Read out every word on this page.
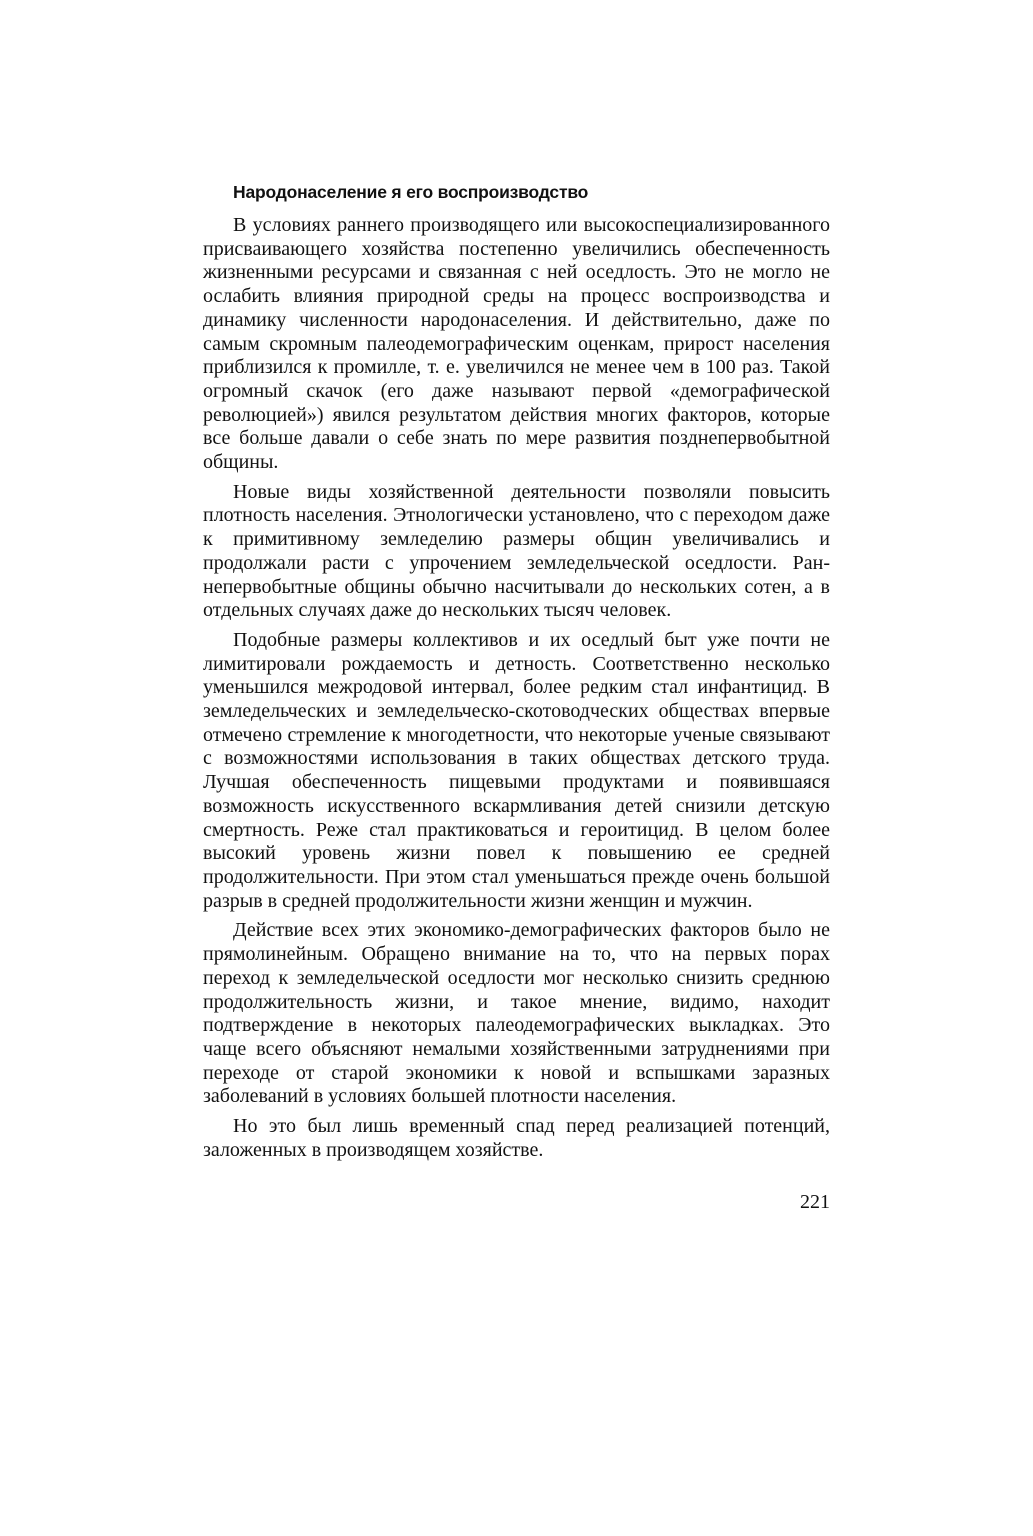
Народонаселение я его воспроизводство

В условиях раннего производящего или высокоспециализированного присваивающего хозяйства постепенно увеличились обеспеченность жизненными ресурсами и связанная с ней оседлость. Это не могло не ослабить влияния природной среды на процесс воспроизводства и динамику численности народонаселения. И действительно, даже по самым скромным палеодемографическим оценкам, прирост населения приблизился к промилле, т. е. увеличился не менее чем в 100 раз. Такой огромный скачок (его даже называют первой «демографической революцией») явился результатом действия многих факторов, которые все больше давали о себе знать по мере развития позднепервобытной общины.

Новые виды хозяйственной деятельности позволяли повысить плотность населения. Этнологически установлено, что с переходом даже к примитивному земледелию размеры общин увеличивались и продолжали расти с упрочением земледельческой оседлости. Раннепервобытные общины обычно насчитывали до нескольких сотен, а в отдельных случаях даже до нескольких тысяч человек.

Подобные размеры коллективов и их оседлый быт уже почти не лимитировали рождаемость и детность. Соответственно несколько уменьшился межродовой интервал, более редким стал инфантицид. В земледельческих и земледельческо-скотоводческих обществах впервые отмечено стремление к многодетности, что некоторые ученые связывают с возможностями использования в таких обществах детского труда. Лучшая обеспеченность пищевыми продуктами и появившаяся возможность искусственного вскармливания детей снизили детскую смертность. Реже стал практиковаться и героитицид. В целом более высокий уровень жизни повел к повышению ее средней продолжительности. При этом стал уменьшаться прежде очень большой разрыв в средней продолжительности жизни женщин и мужчин.

Действие всех этих экономико-демографических факторов было не прямолинейным. Обращено внимание на то, что на первых порах переход к земледельческой оседлости мог несколько снизить среднюю продолжительность жизни, и такое мнение, видимо, находит подтверждение в некоторых палеодемографических выкладках. Это чаще всего объясняют немалыми хозяйственными затруднениями при переходе от старой экономики к новой и вспышками заразных заболеваний в условиях большей плотности населения.

Но это был лишь временный спад перед реализацией потенций, заложенных в производящем хозяйстве.

221
